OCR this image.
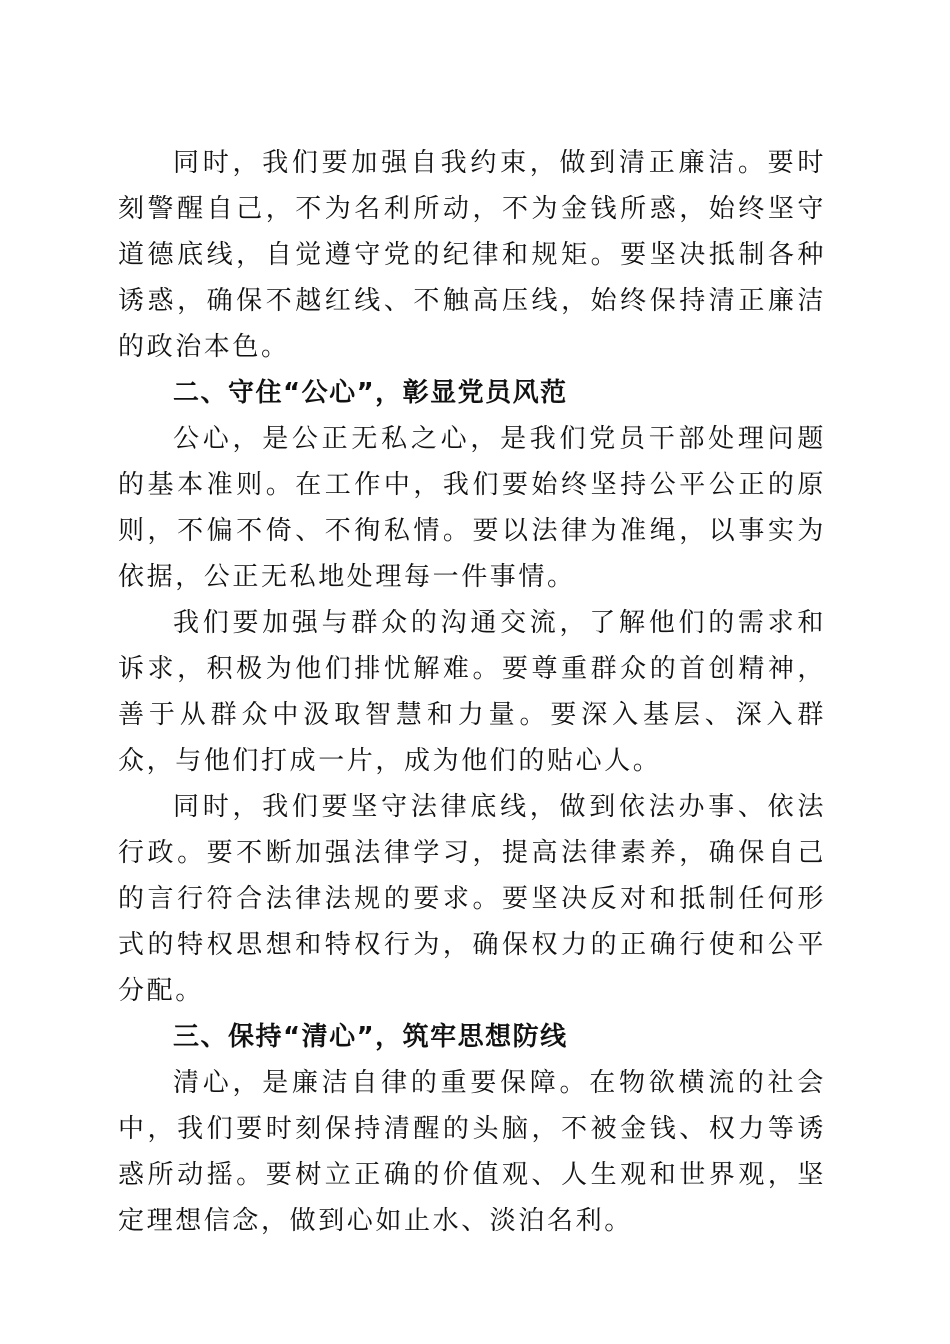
同时，我们要加强自我约束，做到清正廉洁。要时刻警醒自己，不为名利所动，不为金钱所惑，始终坚守道德底线，自觉遵守党的纪律和规矩。要坚决抵制各种诱惑，确保不越红线、不触高压线，始终保持清正廉洁的政治本色。

二、守住“公心”，彰显党员风范

公心，是公正无私之心，是我们党员干部处理问题的基本准则。在工作中，我们要始终坚持公平公正的原则，不偏不倚、不徇私情。要以法律为准绳，以事实为依据，公正无私地处理每一件事情。

我们要加强与群众的沟通交流，了解他们的需求和诉求，积极为他们排忧解难。要尊重群众的首创精神，善于从群众中汲取智慧和力量。要深入基层、深入群众，与他们打成一片，成为他们的贴心人。

同时，我们要坚守法律底线，做到依法办事、依法行政。要不断加强法律学习，提高法律素养，确保自己的言行符合法律法规的要求。要坚决反对和抵制任何形式的特权思想和特权行为，确保权力的正确行使和公平分配。

三、保持“清心”，筑牢思想防线

清心，是廉洁自律的重要保障。在物欲横流的社会中，我们要时刻保持清醒的头脑，不被金钱、权力等诱惑所动摇。要树立正确的价值观、人生观和世界观，坚定理想信念，做到心如止水、淡泊名利。
